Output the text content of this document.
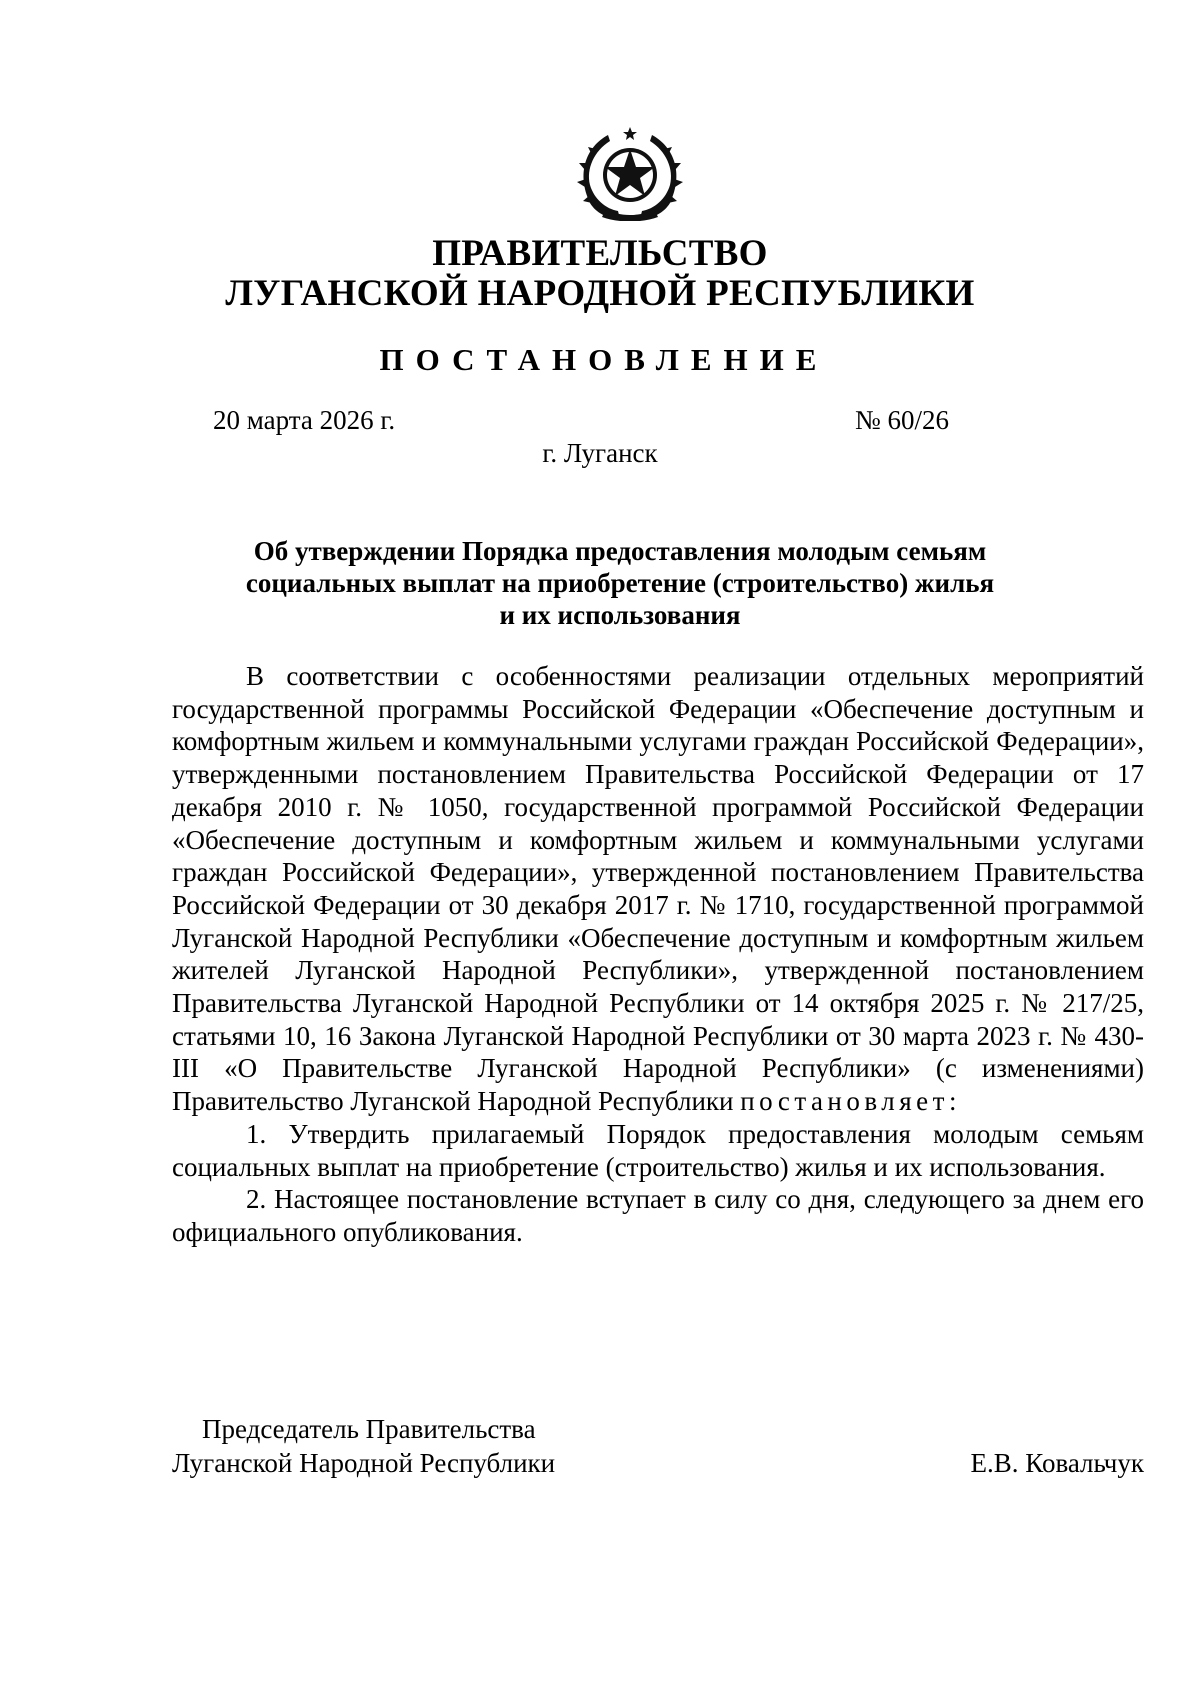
ПРАВИТЕЛЬСТВО
ЛУГАНСКОЙ НАРОДНОЙ РЕСПУБЛИКИ
ПОСТАНОВЛЕНИЕ
20 марта 2026 г.	№ 60/26
г. Луганск
Об утверждении Порядка предоставления молодым семьям
социальных выплат на приобретение (строительство) жилья
и их использования

В соответствии с особенностями реализации отдельных мероприятий государственной программы Российской Федерации «Обеспечение доступным и комфортным жильем и коммунальными услугами граждан Российской Федерации», утвержденными постановлением Правительства Российской Федерации от 17 декабря 2010 г. № 1050, государственной программой Российской Федерации «Обеспечение доступным и комфортным жильем и коммунальными услугами граждан Российской Федерации», утвержденной постановлением Правительства Российской Федерации от 30 декабря 2017 г. № 1710, государственной программой Луганской Народной Республики «Обеспечение доступным и комфортным жильем жителей Луганской Народной Республики», утвержденной постановлением Правительства Луганской Народной Республики от 14 октября 2025 г. № 217/25, статьями 10, 16 Закона Луганской Народной Республики от 30 марта 2023 г. № 430-III «О Правительстве Луганской Народной Республики» (с изменениями) Правительство Луганской Народной Республики постановляет:

1. Утвердить прилагаемый Порядок предоставления молодым семьям социальных выплат на приобретение (строительство) жилья и их использования.

2. Настоящее постановление вступает в силу со дня, следующего за днем его официального опубликования.

Председатель Правительства
Луганской Народной Республики	Е.В. Ковальчук
